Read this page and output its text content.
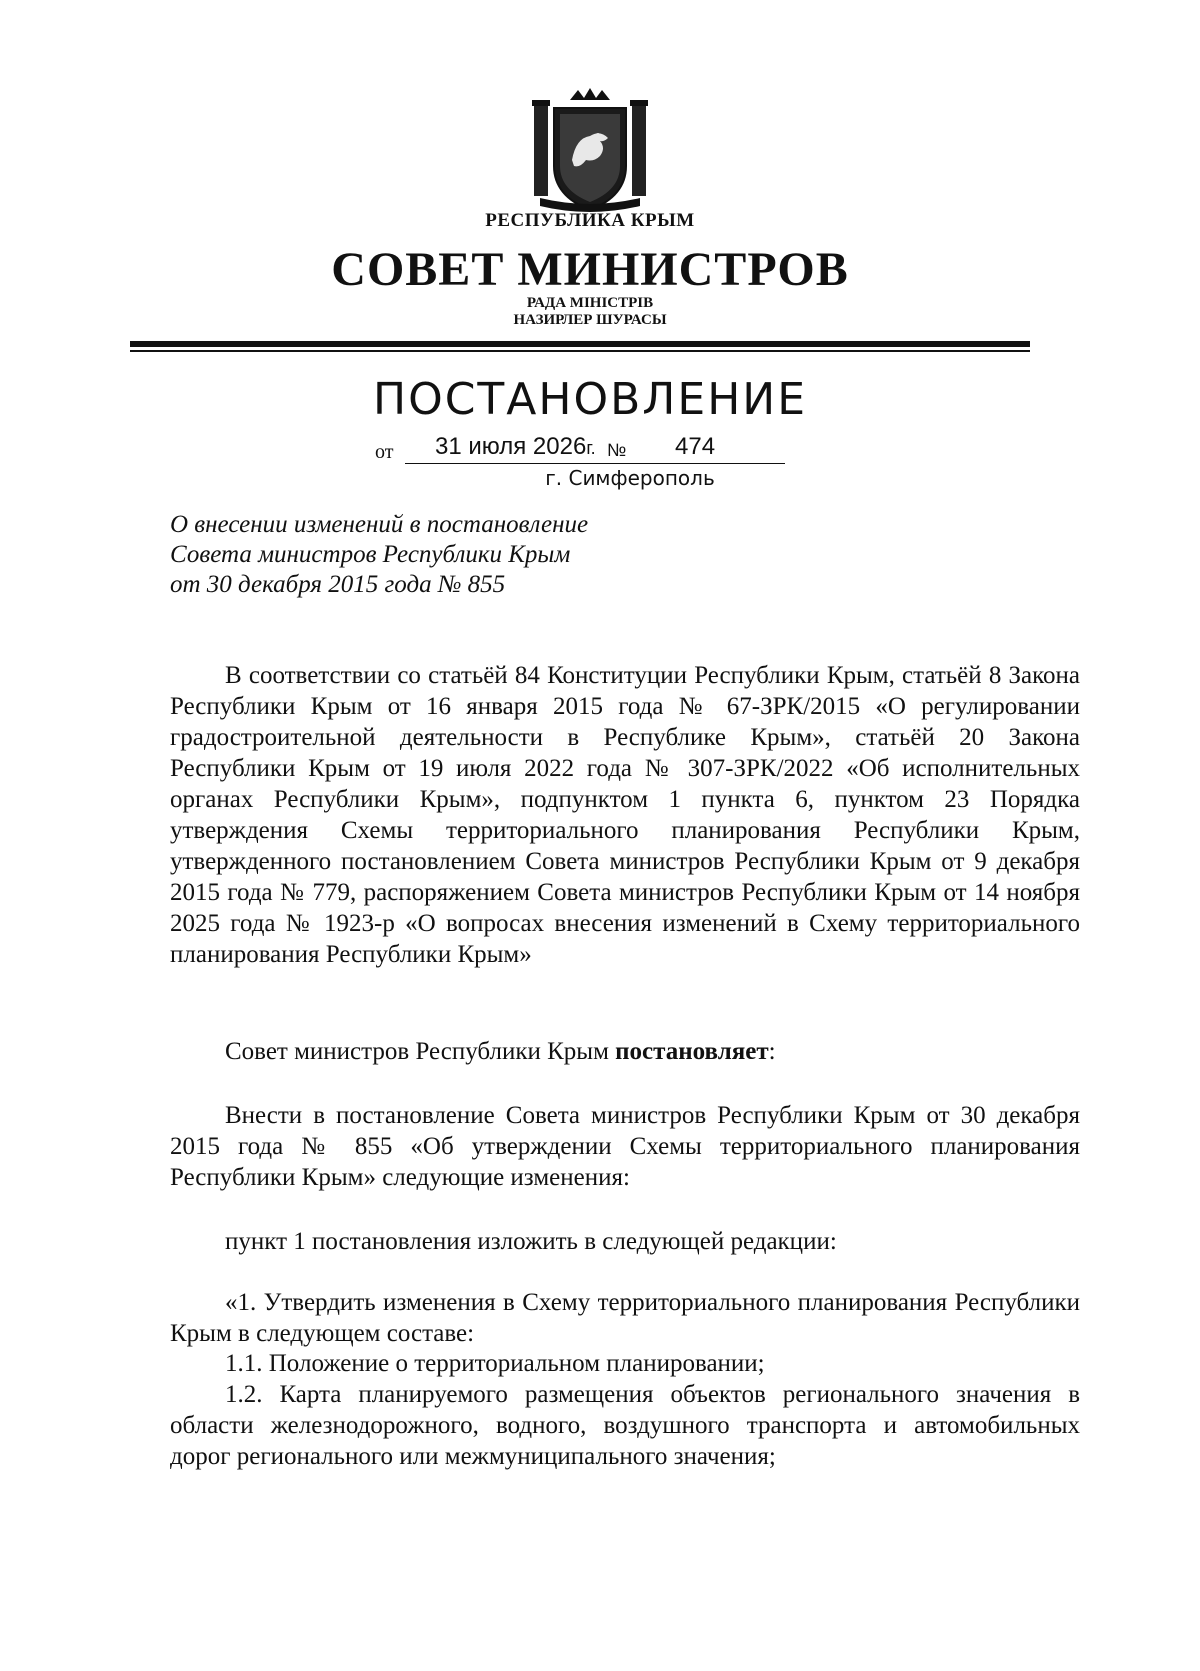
РЕСПУБЛИКА КРЫМ
СОВЕТ МИНИСТРОВ
РАДА МІНІСТРІВ
НАЗИРЛЕР ШУРАСЫ
ПОСТАНОВЛЕНИЕ
от 31 июля 2026г. № 474
г. Симферополь
О внесении изменений в постановление
Совета министров Республики Крым
от 30 декабря 2015 года № 855

В соответствии со статьёй 84 Конституции Республики Крым, статьёй 8 Закона Республики Крым от 16 января 2015 года № 67-ЗРК/2015 «О регулировании градостроительной деятельности в Республике Крым», статьёй 20 Закона Республики Крым от 19 июля 2022 года № 307-ЗРК/2022 «Об исполнительных органах Республики Крым», подпунктом 1 пункта 6, пунктом 23 Порядка утверждения Схемы территориального планирования Республики Крым, утвержденного постановлением Совета министров Республики Крым от 9 декабря 2015 года № 779, распоряжением Совета министров Республики Крым от 14 ноября 2025 года № 1923-р «О вопросах внесения изменений в Схему территориального планирования Республики Крым»

Совет министров Республики Крым постановляет:

Внести в постановление Совета министров Республики Крым от 30 декабря 2015 года № 855 «Об утверждении Схемы территориального планирования Республики Крым» следующие изменения:

пункт 1 постановления изложить в следующей редакции:

«1. Утвердить изменения в Схему территориального планирования Республики Крым в следующем составе:

1.1. Положение о территориальном планировании;

1.2. Карта планируемого размещения объектов регионального значения в области железнодорожного, водного, воздушного транспорта и автомобильных дорог регионального или межмуниципального значения;
